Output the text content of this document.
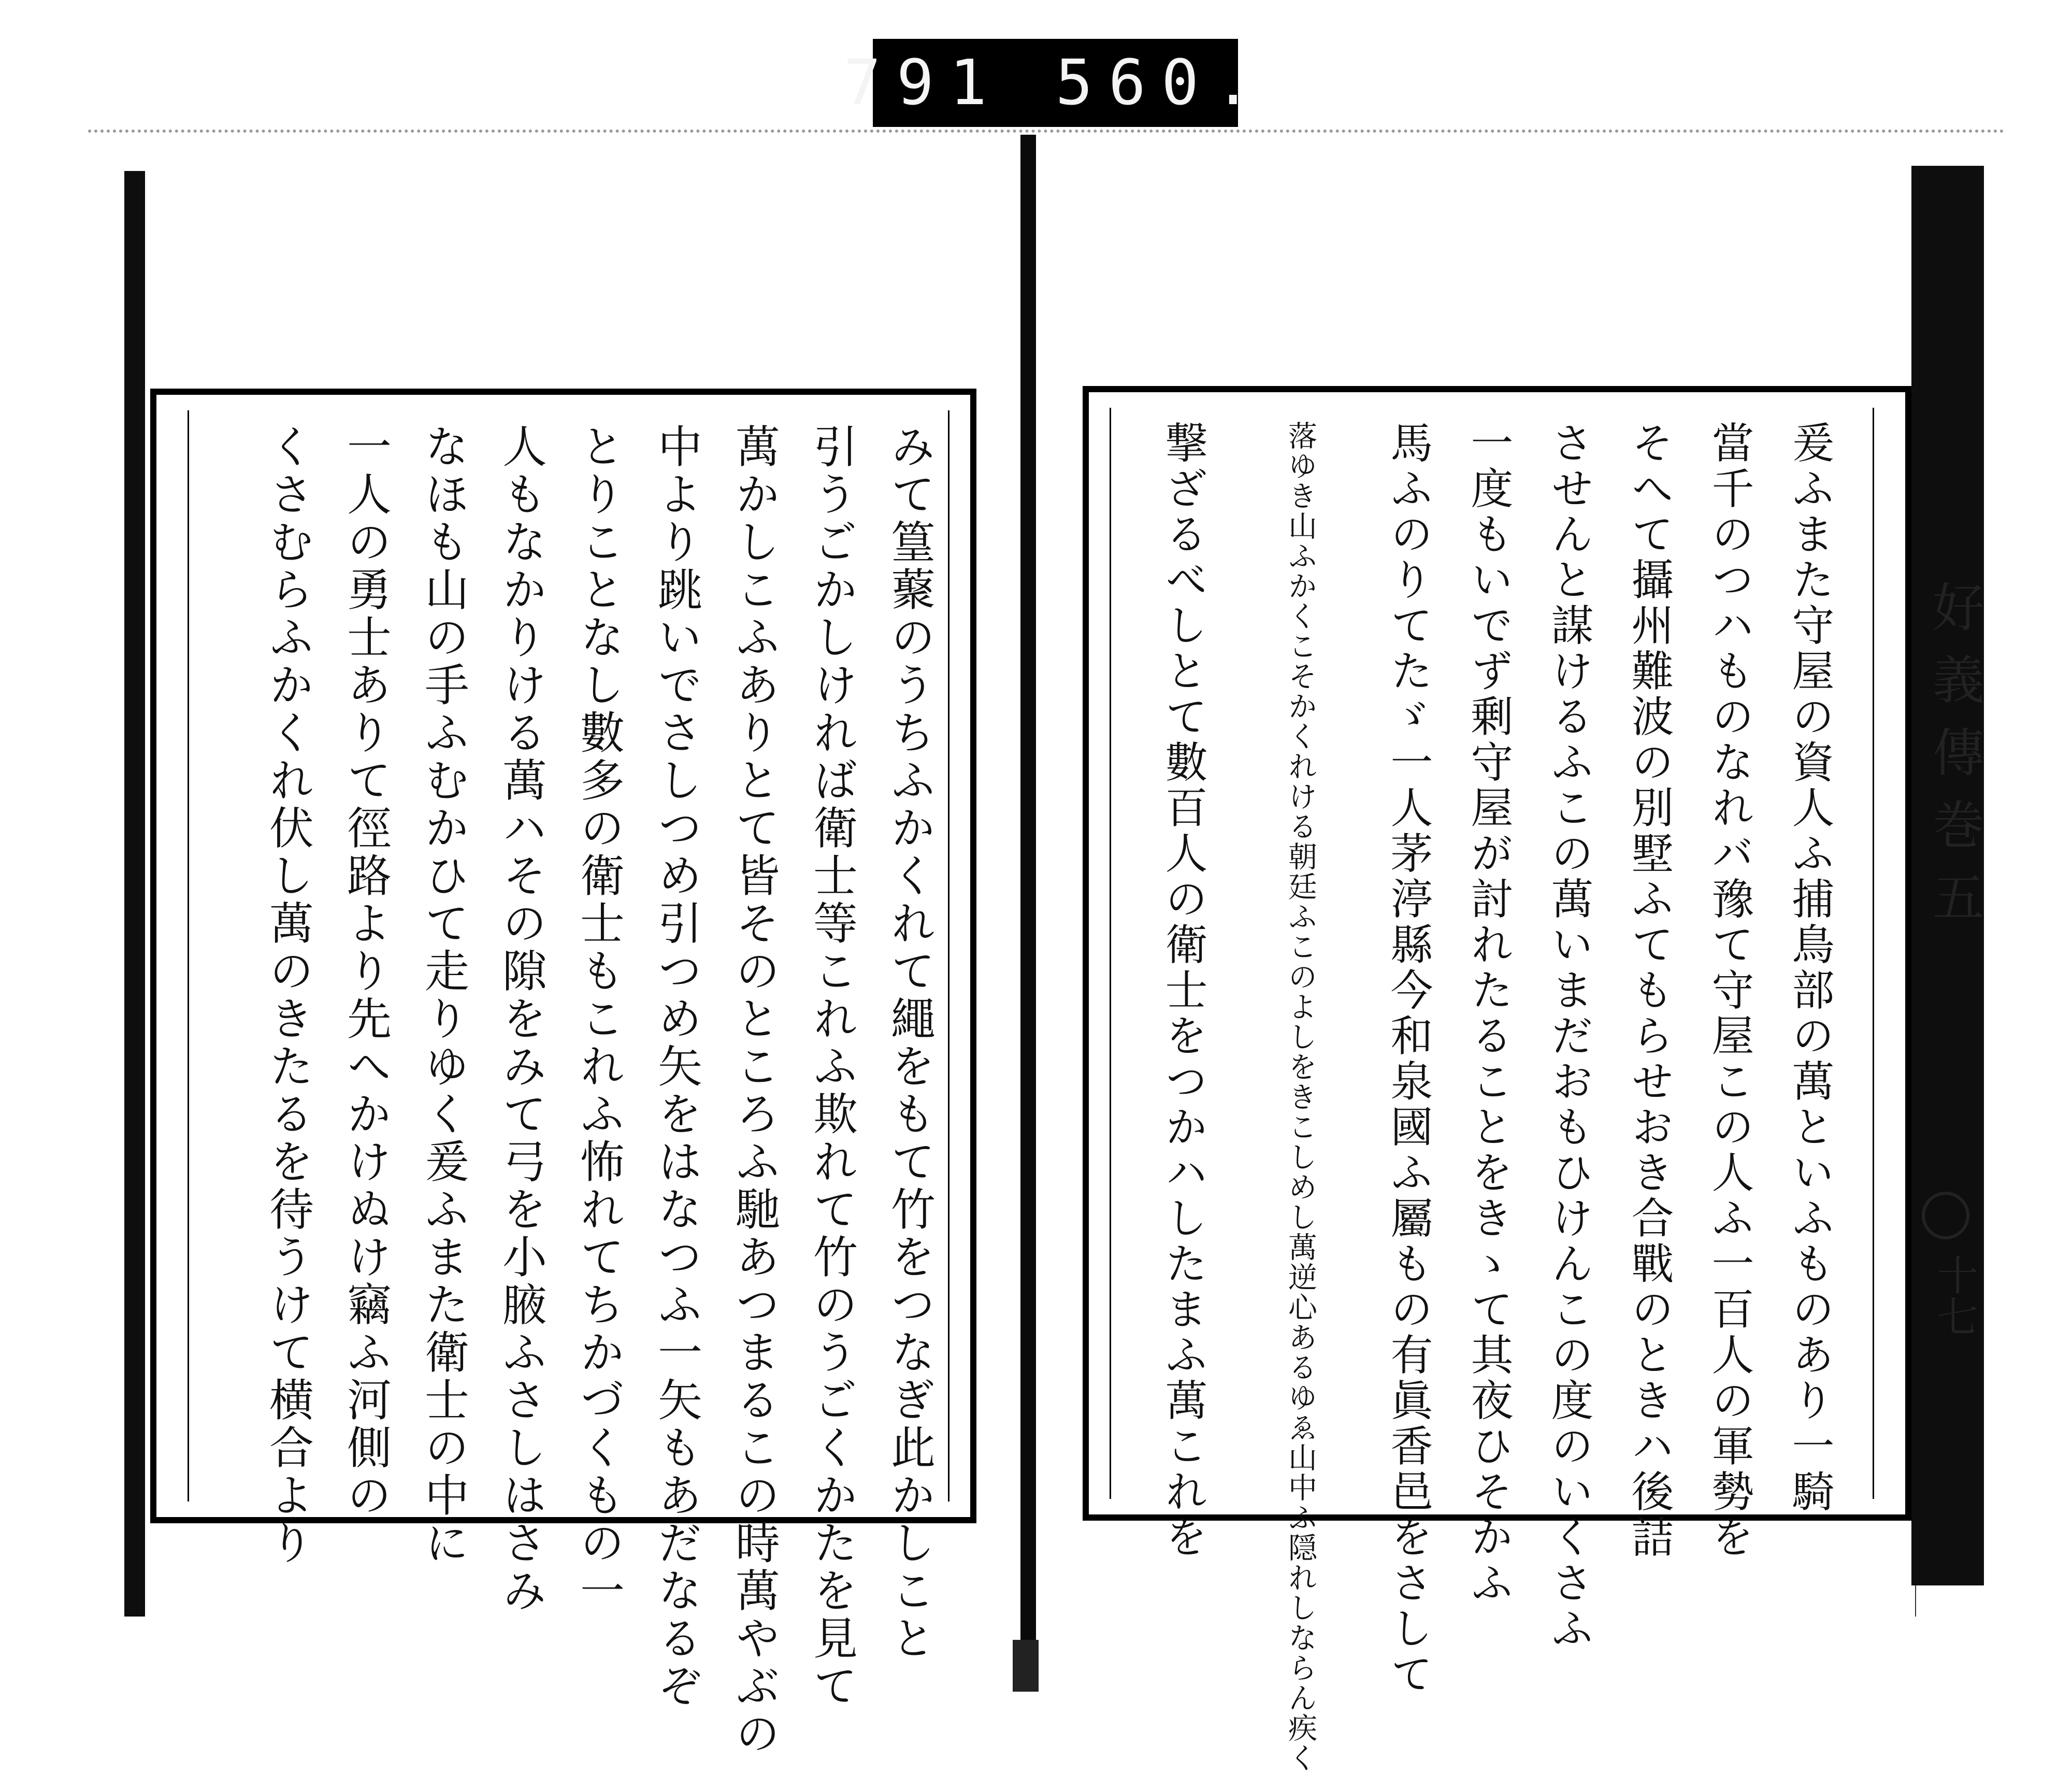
791 560.
好義傳巻五
十七
みて篁藂のうちふかくれて繩をもて竹をつなぎ此かしこと
引うごかしければ衛士等これふ欺れて竹のうごくかたを見て
萬かしこふありとて皆そのところふ馳あつまるこの時萬やぶの
中より跳いでさしつめ引つめ矢をはなつふ一矢もあだなるぞ
とりことなし數多の衛士もこれふ怖れてちかづくもの一
人もなかりける萬ハその隙をみて弓を小腋ふさしはさみ
なほも山の手ふむかひて走りゆく爰ふまた衛士の中に
一人の勇士ありて徑路より先へかけぬけ竊ふ河側の
くさむらふかくれ伏し萬のきたるを待うけて横合より	爰ふまた守屋の資人ふ捕鳥部の萬といふものあり一騎
當千のつハものなれバ豫て守屋この人ふ一百人の軍勢を
そへて攝州難波の別墅ふてもらせおき合戰のときハ後詰
させんと謀けるふこの萬いまだおもひけんこの度のいくさふ
一度もいでず剰守屋が討れたることをきゝて其夜ひそかふ
馬ふのりてたゞ一人茅渟縣今和泉國ふ屬もの有眞香邑をさして
落ゆき山ふかくこそかくれける朝廷ふこのよしをきこしめし萬逆心あるゆゑ山中ふ隠れしならん疾く
撃ざるべしとて數百人の衛士をつかハしたまふ萬これを
